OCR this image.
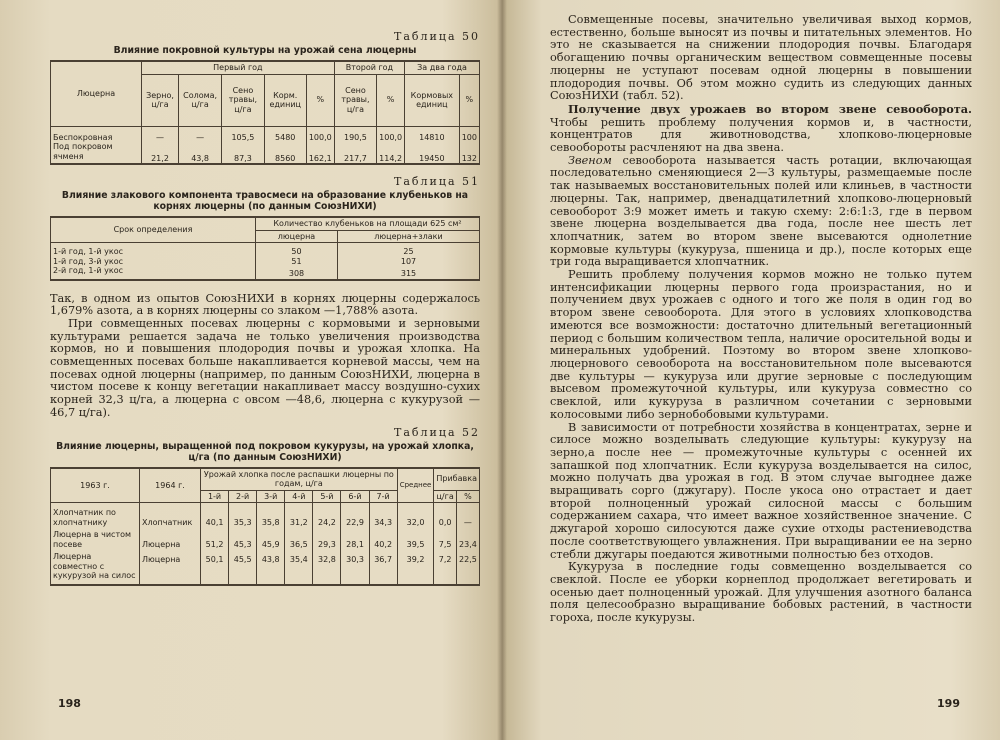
Таблица 50

Влияние покровной культуры на урожай сена люцерны

Люцерна	Первый год					Второй год		За два года	
	Зерно, ц/га	Солома, ц/га	Сено травы, ц/га	Корм. единиц	%	Сено травы, ц/га	%	Кормовых единиц	%
Беспокровная	—	—	105,5	5480	100,0	190,5	100,0	14810	100
Под покровом ячменя	21,2	43,8	87,3	8560	162,1	217,7	114,2	19450	132

Таблица 51

Влияние злакового компонента травосмеси на образование клубеньков на корнях люцерны (по данным СоюзНИХИ)

Срок определения	Количество клубеньков на площади 625 см²	
	люцерна	люцерна+злаки
1-й год, 1-й укос	50	25
1-й год, 3-й укос	51	107
2-й год, 1-й укос	308	315

Так, в одном из опытов СоюзНИХИ в корнях люцерны содержалось 1,679% азота, а в корнях люцерны со злаком —1,788% азота.

При совмещенных посевах люцерны с кормовыми и зерновыми культурами решается задача не только увеличения производства кормов, но и повышения плодородия почвы и урожая хлопка. На совмещенных посевах больше накапливается корневой массы, чем на посевах одной люцерны (например, по данным СоюзНИХИ, люцерна в чистом посеве к концу вегетации накапливает массу воздушно-сухих корней 32,3 ц/га, а люцерна с овсом —48,6, люцерна с кукурузой —46,7 ц/га).

Таблица 52

Влияние люцерны, выращенной под покровом кукурузы, на урожай хлопка, ц/га (по данным СоюзНИХИ)

1963 г.	1964 г.	Урожай хлопка после распашки люцерны по годам, ц/га							Среднее	Прибавка	
		1-й	2-й	3-й	4-й	5-й	6-й	7-й		ц/га	%
Хлопчатник по хлопчатнику	Хлопчатник	40,1	35,3	35,8	31,2	24,2	22,9	34,3	32,0	0,0	—
Люцерна в чистом посеве	Люцерна	51,2	45,3	45,9	36,5	29,3	28,1	40,2	39,5	7,5	23,4
Люцерна совместно с кукурузой на силос	Люцерна	50,1	45,5	43,8	35,4	32,8	30,3	36,7	39,2	7,2	22,5
198

Совмещенные посевы, значительно увеличивая выход кормов, естественно, больше выносят из почвы и питательных элементов. Но это не сказывается на снижении плодородия почвы. Благодаря обогащению почвы органическим веществом совмещенные посевы люцерны не уступают посевам одной люцерны в повышении плодородия почвы. Об этом можно судить из следующих данных СоюзНИХИ (табл. 52).

Получение двух урожаев во втором звене севооборота. Чтобы решить проблему получения кормов и, в частности, концентратов для животноводства, хлопково-люцерновые севообороты расчленяют на два звена.

Звеном севооборота называется часть ротации, включающая последовательно сменяющиеся 2—3 культуры, размещаемые после так называемых восстановительных полей или клиньев, в частности люцерны. Так, например, двенадцатилетний хлопково-люцерновый севооборот 3:9 может иметь и такую схему: 2:6:1:3, где в первом звене люцерна возделывается два года, после нее шесть лет хлопчатник, затем во втором звене высеваются однолетние кормовые культуры (кукуруза, пшеница и др.), после которых еще три года выращивается хлопчатник.

Решить проблему получения кормов можно не только путем интенсификации люцерны первого года произрастания, но и получением двух урожаев с одного и того же поля в один год во втором звене севооборота. Для этого в условиях хлопководства имеются все возможности: достаточно длительный вегетационный период с большим количеством тепла, наличие оросительной воды и минеральных удобрений. Поэтому во втором звене хлопково-люцернового севооборота на восстановительном поле высеваются две культуры — кукуруза или другие зерновые с последующим высевом промежуточной культуры, или кукуруза совместно со свеклой, или кукуруза в различном сочетании с зерновыми колосовыми либо зернобобовыми культурами.

В зависимости от потребности хозяйства в концентратах, зерне и силосе можно возделывать следующие культуры: кукурузу на зерно,а после нее — промежуточные культуры с осенней их запашкой под хлопчатник. Если кукуруза возделывается на силос, можно получать два урожая в год. В этом случае выгоднее даже выращивать сорго (джугару). После укоса оно отрастает и дает второй полноценный урожай силосной массы с большим содержанием сахара, что имеет важное хозяйственное значение. С джугарой хорошо силосуются даже сухие отходы растениеводства после соответствующего увлажнения. При выращивании ее на зерно стебли джугары поедаются животными полностью без отходов.

Кукуруза в последние годы совмещенно возделывается со свеклой. После ее уборки корнеплод продолжает вегетировать и осенью дает полноценный урожай. Для улучшения азотного баланса поля целесообразно выращивание бобовых растений, в частности гороха, после кукурузы.

199
